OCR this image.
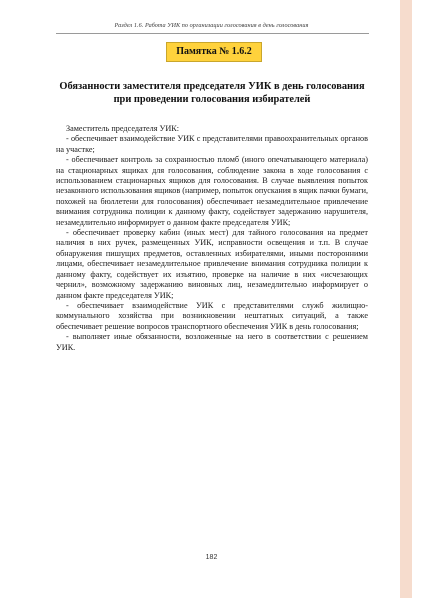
Раздел 1.6. Работа УИК по организации голосования в день голосования
Памятка № 1.6.2
Обязанности заместителя председателя УИК в день голосования
при проведении голосования избирателей

Заместитель председателя УИК:

- обеспечивает взаимодействие УИК с представителями правоохранительных органов на участке;

- обеспечивает контроль за сохранностью пломб (иного опечатывающего материала) на стационарных ящиках для голосования, соблюдение закона в ходе голосования с использованием стационарных ящиков для голосования. В случае выявления попыток незаконного использования ящиков (например, попыток опускания в ящик пачки бумаги, похожей на бюллетени для голосования) обеспечивает незамедлительное привлечение внимания сотрудника полиции к данному факту, содействует задержанию нарушителя, незамедлительно информирует о данном факте председателя УИК;

- обеспечивает проверку кабин (иных мест) для тайного голосования на предмет наличия в них ручек, размещенных УИК, исправности освещения и т.п. В случае обнаружения пишущих предметов, оставленных избирателями, иными посторонними лицами, обеспечивает незамедлительное привлечение внимания сотрудника полиции к данному факту, содействует их изъятию, проверке на наличие в них «исчезающих чернил», возможному задержанию виновных лиц, незамедлительно информирует о данном факте председателя УИК;

- обеспечивает взаимодействие УИК с представителями служб жилищно-коммунального хозяйства при возникновении нештатных ситуаций, а также обеспечивает решение вопросов транспортного обеспечения УИК в день голосования;

- выполняет иные обязанности, возложенные на него в соответствии с решением УИК.

182
